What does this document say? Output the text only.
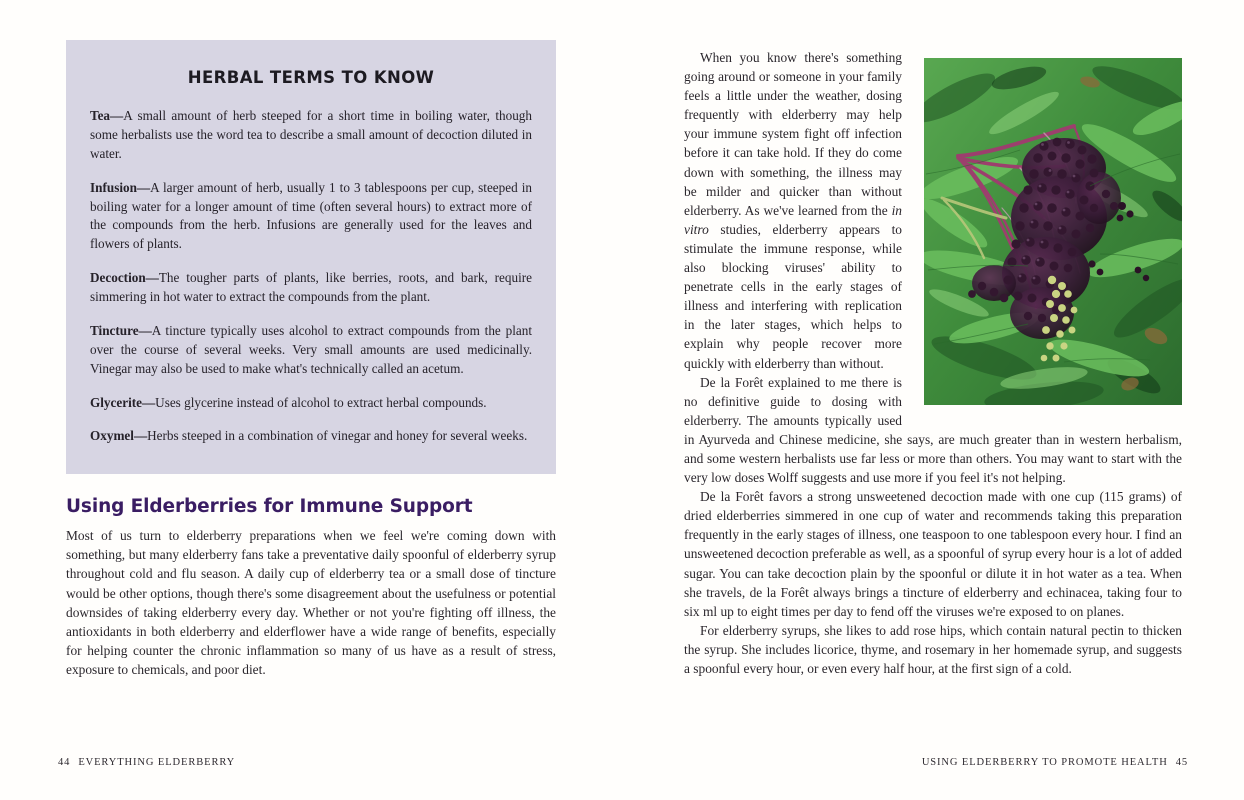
HERBAL TERMS TO KNOW

Tea—A small amount of herb steeped for a short time in boiling water, though some herbalists use the word tea to describe a small amount of decoction diluted in water.

Infusion—A larger amount of herb, usually 1 to 3 tablespoons per cup, steeped in boiling water for a longer amount of time (often several hours) to extract more of the compounds from the herb. Infusions are generally used for the leaves and flowers of plants.

Decoction—The tougher parts of plants, like berries, roots, and bark, require simmering in hot water to extract the compounds from the plant.

Tincture—A tincture typically uses alcohol to extract compounds from the plant over the course of several weeks. Very small amounts are used medicinally. Vinegar may also be used to make what's technically called an acetum.

Glycerite—Uses glycerine instead of alcohol to extract herbal compounds.

Oxymel—Herbs steeped in a combination of vinegar and honey for several weeks.

Using Elderberries for Immune Support

Most of us turn to elderberry preparations when we feel we're coming down with something, but many elderberry fans take a preventative daily spoonful of elderberry syrup throughout cold and flu season. A daily cup of elderberry tea or a small dose of tincture would be other options, though there's some disagreement about the usefulness or potential downsides of taking elderberry every day. Whether or not you're fighting off illness, the antioxidants in both elderberry and elderflower have a wide range of benefits, especially for helping counter the chronic inflammation so many of us have as a result of stress, exposure to chemicals, and poor diet.

44 EVERYTHING ELDERBERRY

When you know there's something going around or someone in your family feels a little under the weather, dosing frequently with elderberry may help your immune system fight off infection before it can take hold. If they do come down with something, the illness may be milder and quicker than without elderberry. As we've learned from the in vitro studies, elderberry appears to stimulate the immune response, while also blocking viruses' ability to penetrate cells in the early stages of illness and interfering with replication in the later stages, which helps to explain why people recover more quickly with elderberry than without.

De la Forêt explained to me there is no definitive guide to dosing with elderberry. The amounts typically used in Ayurveda and Chinese medicine, she says, are much greater than in western herbalism, and some western herbalists use far less or more than others. You may want to start with the very low doses Wolff suggests and use more if you feel it's not helping.

De la Forêt favors a strong unsweetened decoction made with one cup (115 grams) of dried elderberries simmered in one cup of water and recommends taking this preparation frequently in the early stages of illness, one teaspoon to one tablespoon every hour. I find an unsweetened decoction preferable as well, as a spoonful of syrup every hour is a lot of added sugar. You can take decoction plain by the spoonful or dilute it in hot water as a tea. When she travels, de la Forêt always brings a tincture of elderberry and echinacea, taking four to six ml up to eight times per day to fend off the viruses we're exposed to on planes.

For elderberry syrups, she likes to add rose hips, which contain natural pectin to thicken the syrup. She includes licorice, thyme, and rosemary in her homemade syrup, and suggests a spoonful every hour, or even every half hour, at the first sign of a cold.

USING ELDERBERRY TO PROMOTE HEALTH 45
